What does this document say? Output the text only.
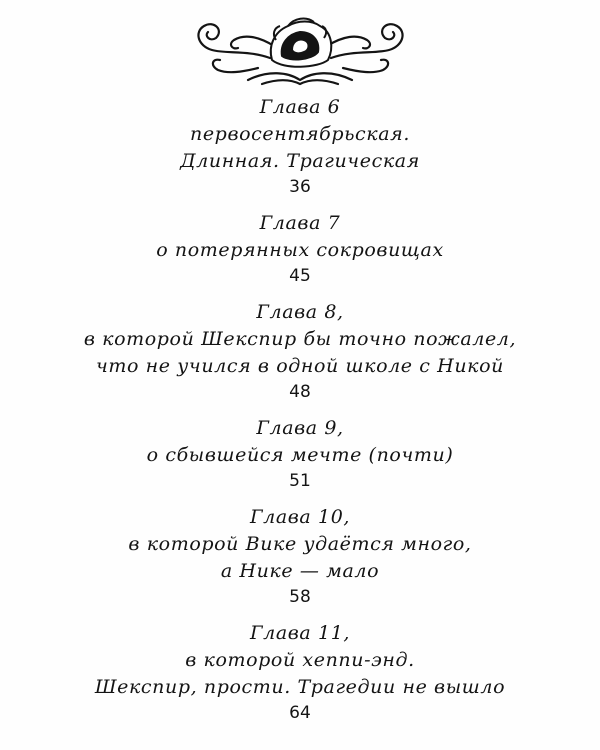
Глава 6
первосентябрьская.
Длинная. Трагическая
36
Глава 7
о потерянных сокровищах
45
Глава 8,
в которой Шекспир бы точно пожалел,
что не учился в одной школе с Никой
48
Глава 9,
о сбывшейся мечте (почти)
51
Глава 10,
в которой Вике удаётся много,
а Нике — мало
58
Глава 11,
в которой хеппи-энд.
Шекспир, прости. Трагедии не вышло
64
